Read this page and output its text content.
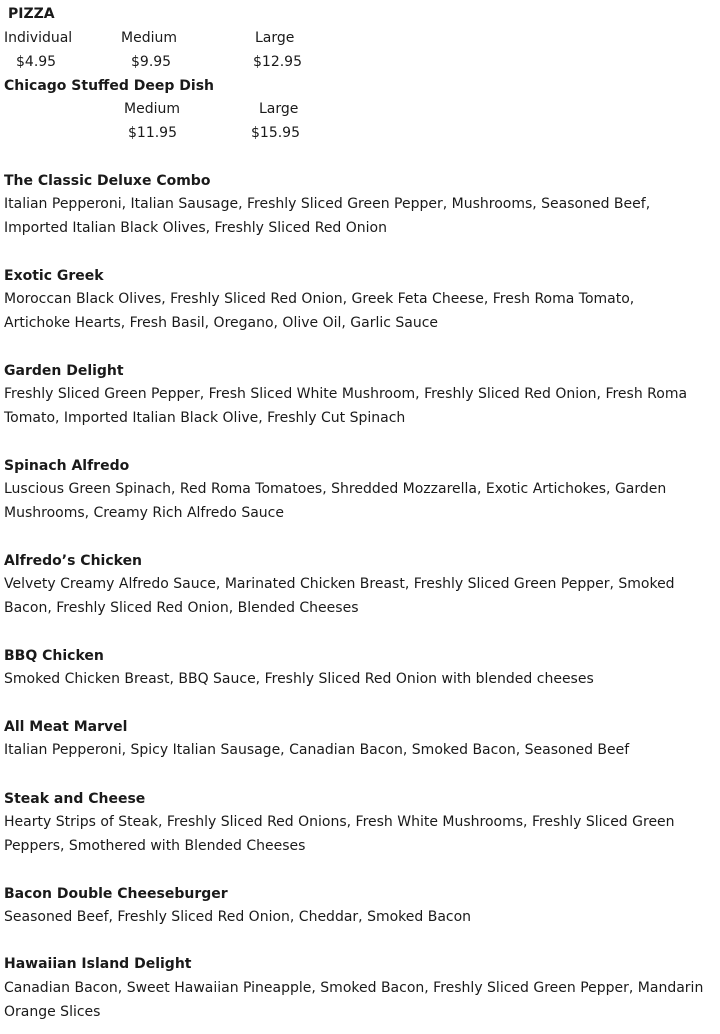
PIZZA
Individual	Medium	Large
$4.95	$9.95	$12.95
Chicago Stuffed Deep Dish
Medium	Large
$11.95	$15.95
The Classic Deluxe Combo
Italian Pepperoni, Italian Sausage, Freshly Sliced Green Pepper, Mushrooms, Seasoned Beef, Imported Italian Black Olives, Freshly Sliced Red Onion
Exotic Greek
Moroccan Black Olives, Freshly Sliced Red Onion, Greek Feta Cheese, Fresh Roma Tomato, Artichoke Hearts, Fresh Basil, Oregano, Olive Oil, Garlic Sauce
Garden Delight
Freshly Sliced Green Pepper, Fresh Sliced White Mushroom, Freshly Sliced Red Onion, Fresh Roma Tomato, Imported Italian Black Olive, Freshly Cut Spinach
Spinach Alfredo
Luscious Green Spinach, Red Roma Tomatoes, Shredded Mozzarella, Exotic Artichokes, Garden Mushrooms, Creamy Rich Alfredo Sauce
Alfredo’s Chicken
Velvety Creamy Alfredo Sauce, Marinated Chicken Breast, Freshly Sliced Green Pepper, Smoked Bacon, Freshly Sliced Red Onion, Blended Cheeses
BBQ Chicken
Smoked Chicken Breast, BBQ Sauce, Freshly Sliced Red Onion with blended cheeses
All Meat Marvel
Italian Pepperoni, Spicy Italian Sausage, Canadian Bacon, Smoked Bacon, Seasoned Beef
Steak and Cheese
Hearty Strips of Steak, Freshly Sliced Red Onions, Fresh White Mushrooms, Freshly Sliced Green Peppers, Smothered with Blended Cheeses
Bacon Double Cheeseburger
Seasoned Beef, Freshly Sliced Red Onion, Cheddar, Smoked Bacon
Hawaiian Island Delight
Canadian Bacon, Sweet Hawaiian Pineapple, Smoked Bacon, Freshly Sliced Green Pepper, Mandarin Orange Slices
